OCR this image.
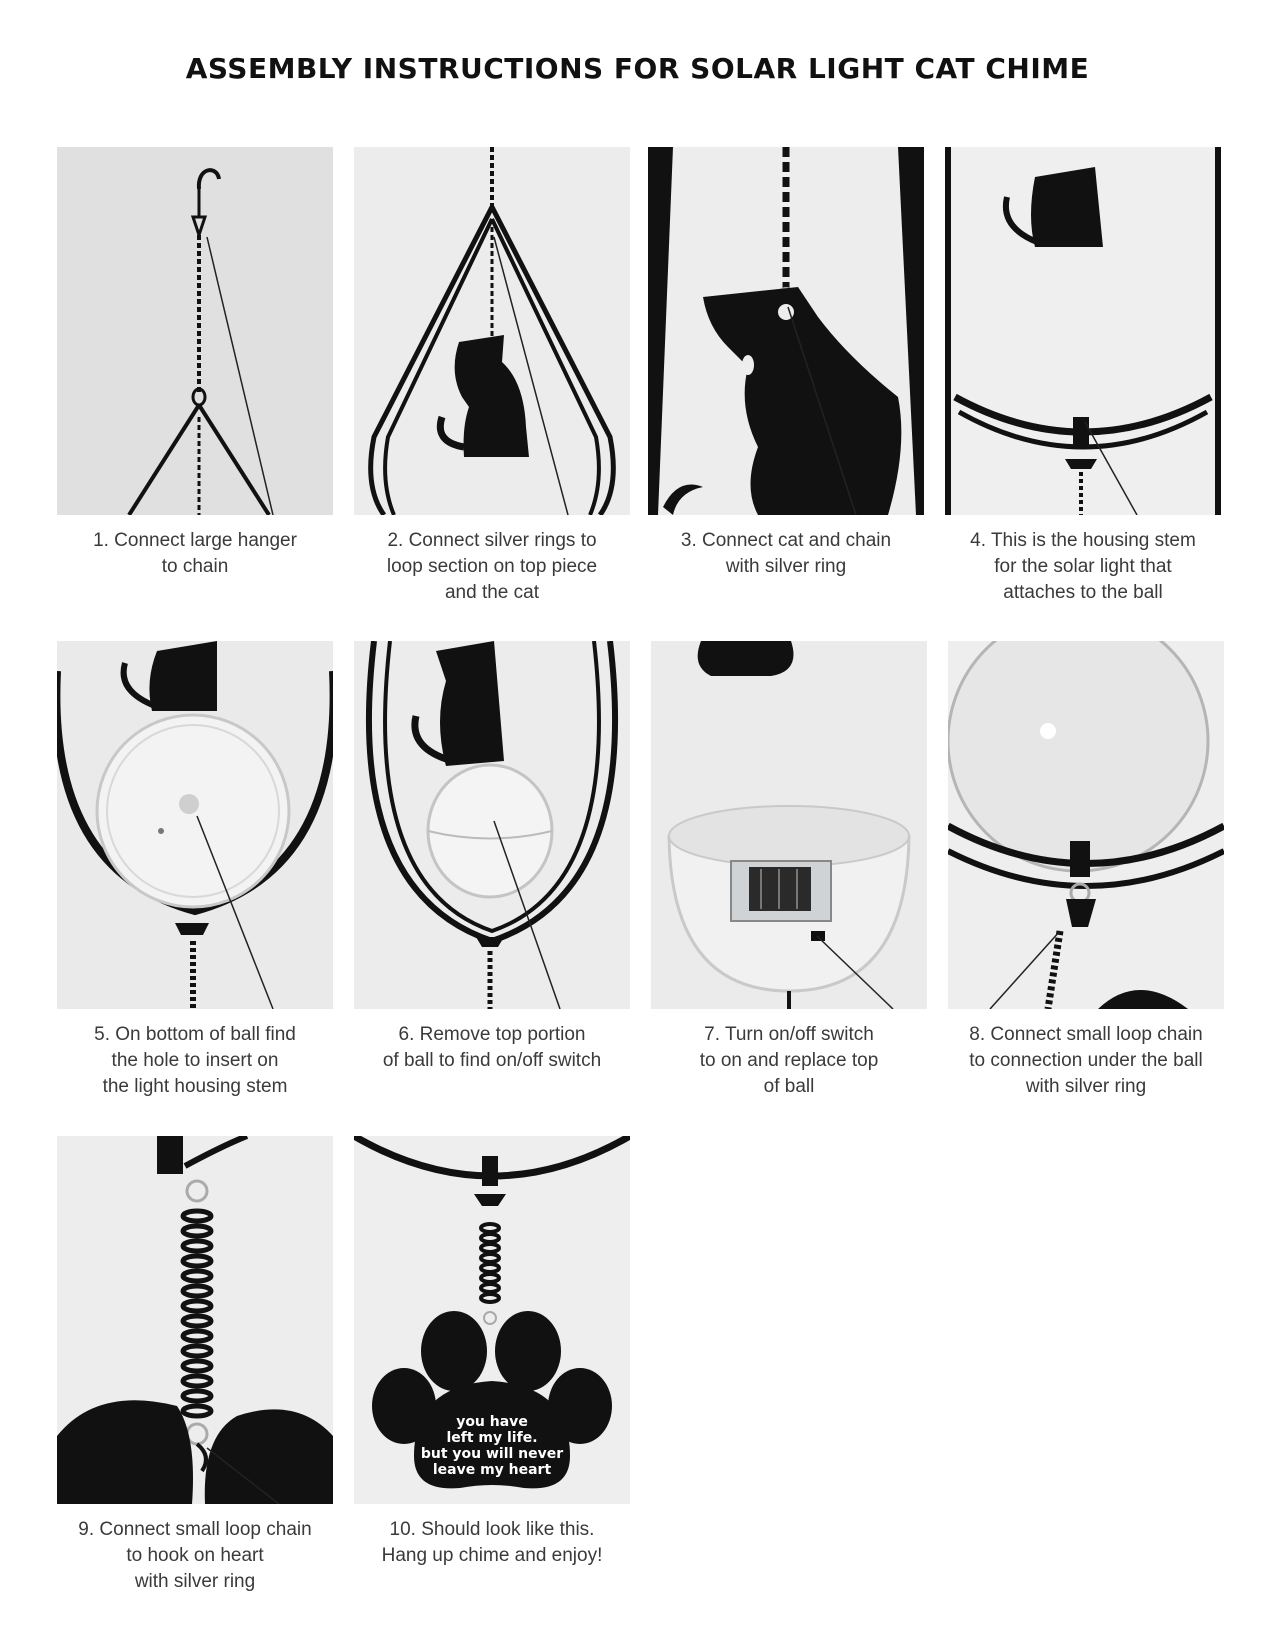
ASSEMBLY INSTRUCTIONS FOR SOLAR LIGHT CAT CHIME
1. Connect large hanger
to chain
2. Connect silver rings to
loop section on top piece
and the cat
3. Connect cat and chain
with silver ring
4. This is the housing stem
for the solar light that
attaches to the ball
5. On bottom of ball find
the hole to insert on
the light housing stem
6. Remove top portion
of ball to find on/off switch
7. Turn on/off switch
to on and replace top
of ball
8. Connect small loop chain
to connection under the ball
with silver ring
9. Connect small loop chain
to hook on heart
with silver ring
you have
left my life.
but you will never
leave my heart
10. Should look like this.
Hang up chime and enjoy!
